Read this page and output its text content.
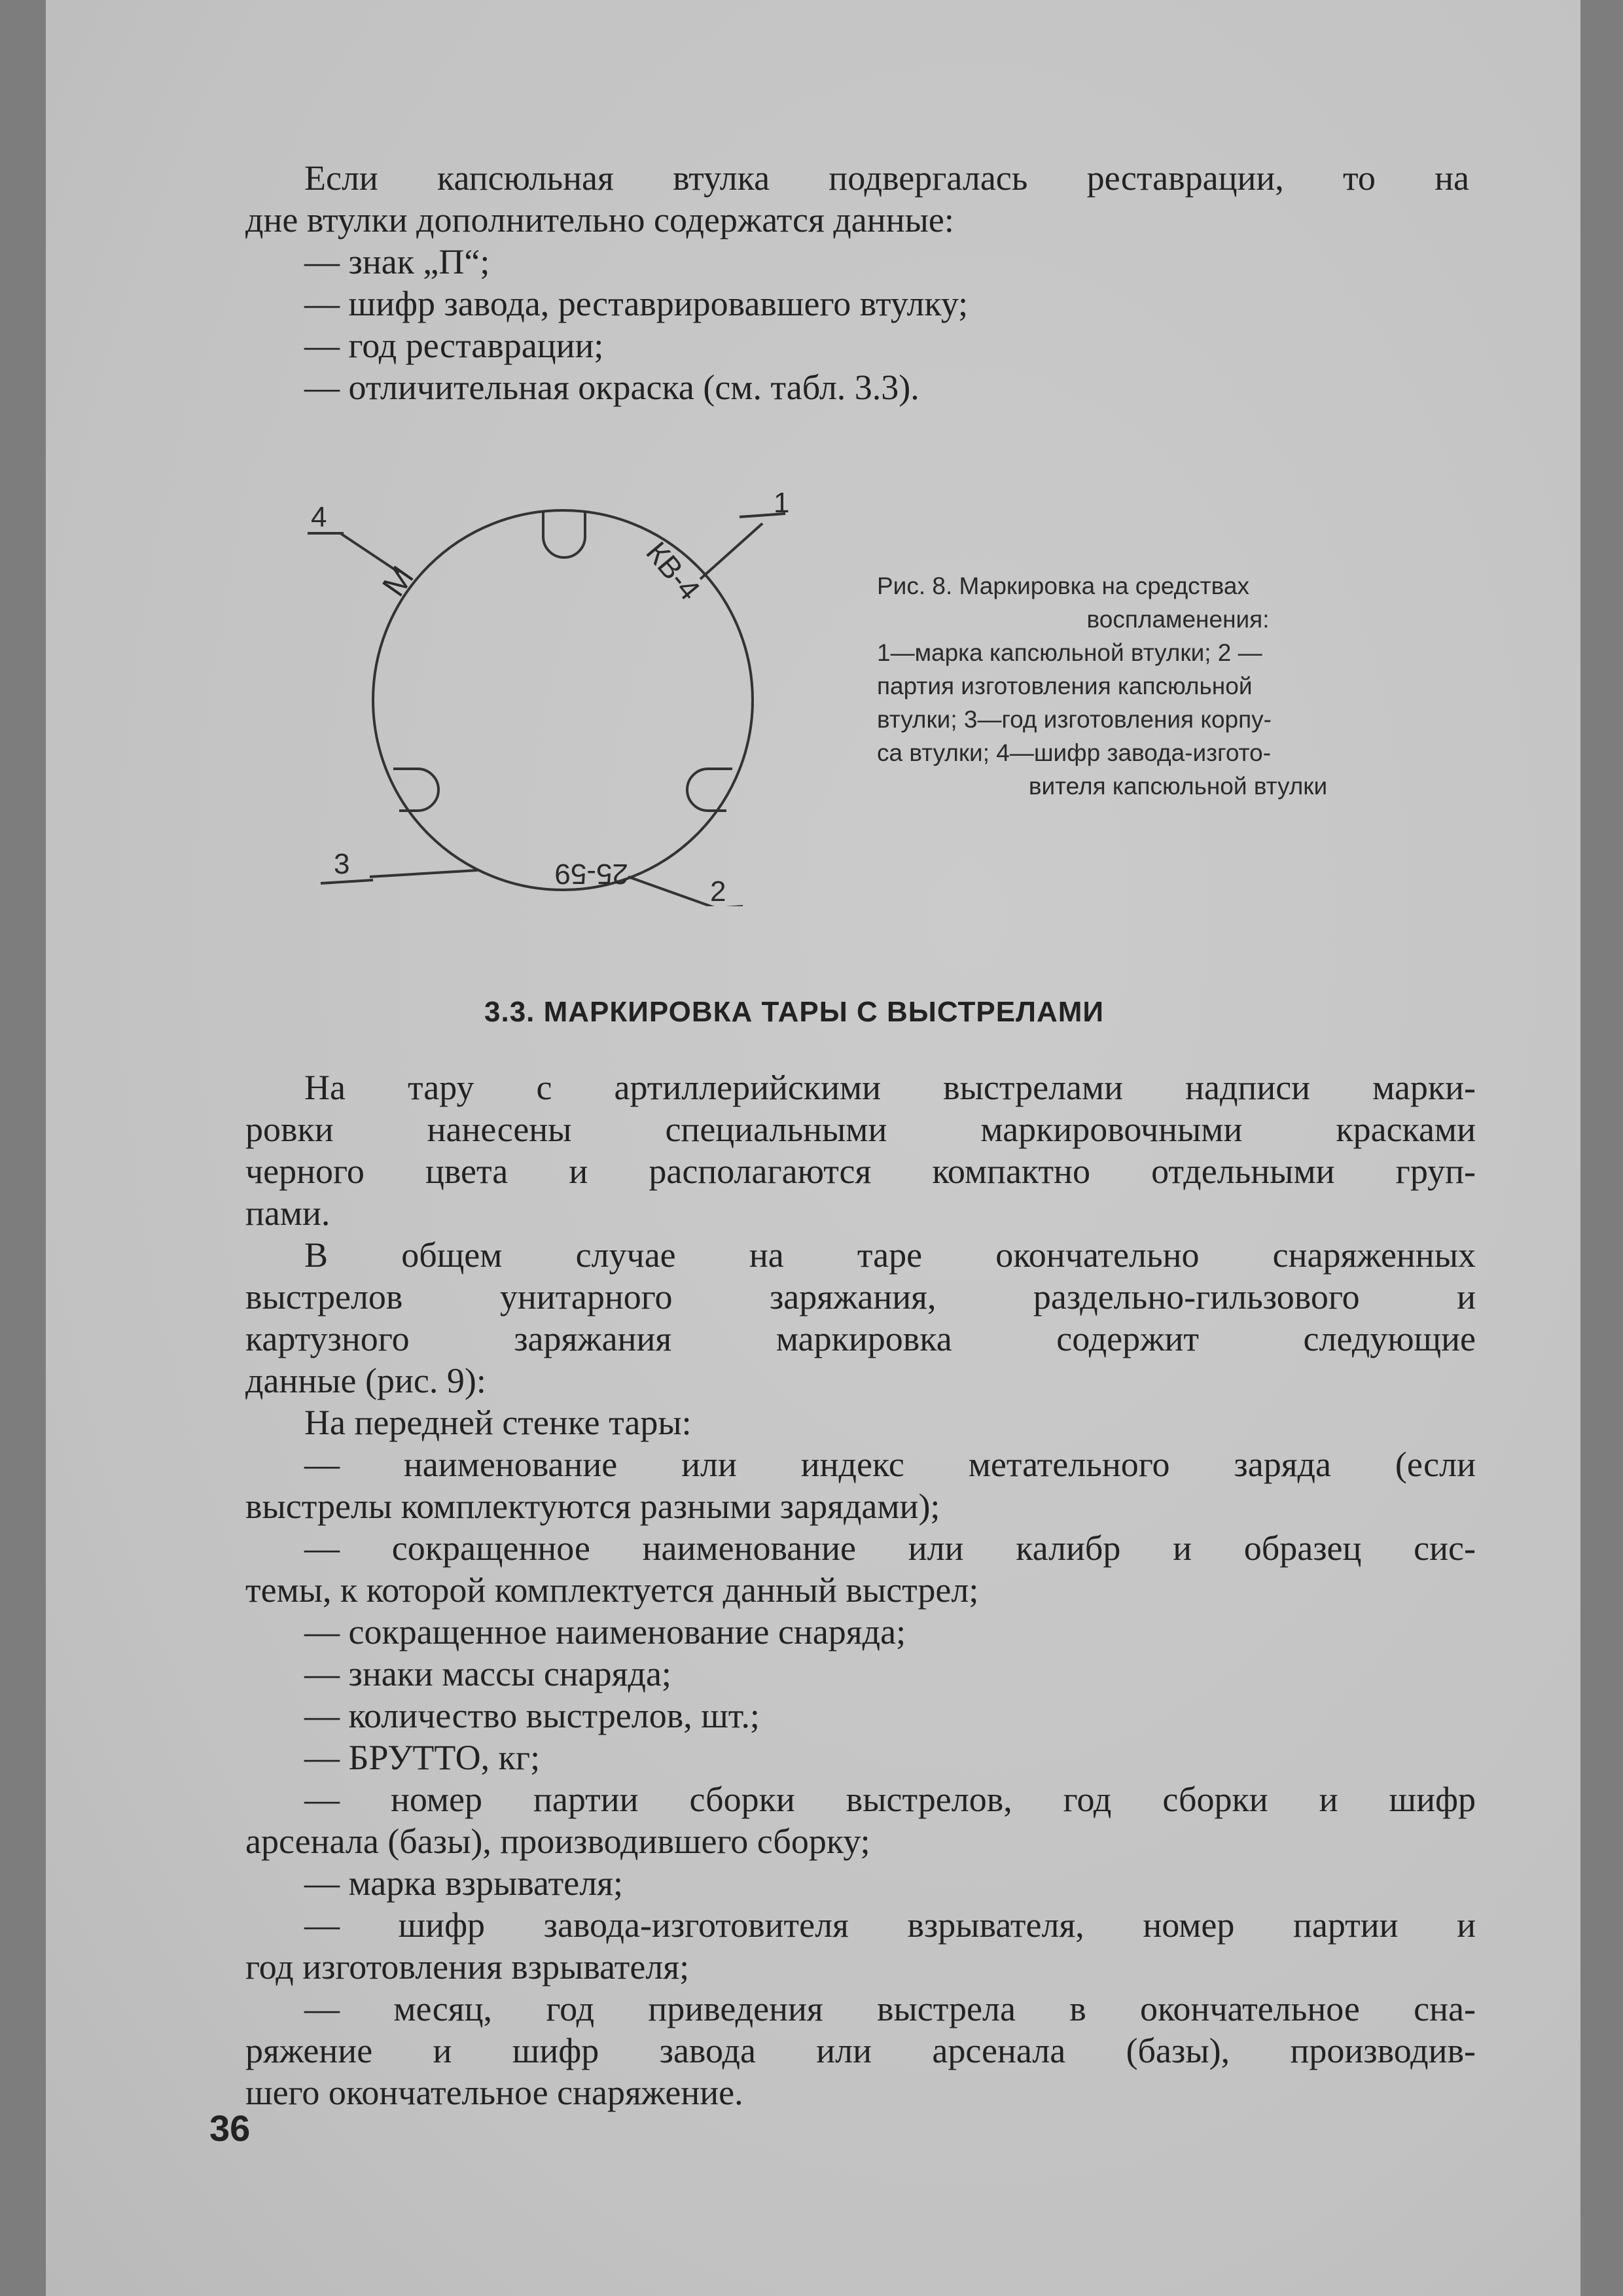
Если капсюльная втулка подвергалась реставрации, то на
дне втулки дополнительно содержатся данные:
— знак „П“;
— шифр завода, реставрировавшего втулку;
— год реставрации;
— отличительная окраска (см. табл. 3.3).
1
4
3
2
КВ-4
М
25-59
Рис. 8. Маркировка на средствах
воспламенения:
1—марка капсюльной втулки; 2 —
партия изготовления капсюльной
втулки; 3—год изготовления корпу-
са втулки; 4—шифр завода-изгото-
вителя капсюльной втулки
3.3. МАРКИРОВКА ТАРЫ С ВЫСТРЕЛАМИ
На тару с артиллерийскими выстрелами надписи марки-
ровки нанесены специальными маркировочными красками
черного цвета и располагаются компактно отдельными груп-
пами.
В общем случае на таре окончательно снаряженных
выстрелов унитарного заряжания, раздельно-гильзового и
картузного заряжания маркировка содержит следующие
данные (рис. 9):
На передней стенке тары:
— наименование или индекс метательного заряда (если
выстрелы комплектуются разными зарядами);
— сокращенное наименование или калибр и образец сис-
темы, к которой комплектуется данный выстрел;
— сокращенное наименование снаряда;
— знаки массы снаряда;
— количество выстрелов, шт.;
— БРУТТО, кг;
— номер партии сборки выстрелов, год сборки и шифр
арсенала (базы), производившего сборку;
— марка взрывателя;
— шифр завода-изготовителя взрывателя, номер партии и
год изготовления взрывателя;
— месяц, год приведения выстрела в окончательное сна-
ряжение и шифр завода или арсенала (базы), производив-
шего окончательное снаряжение.
36
